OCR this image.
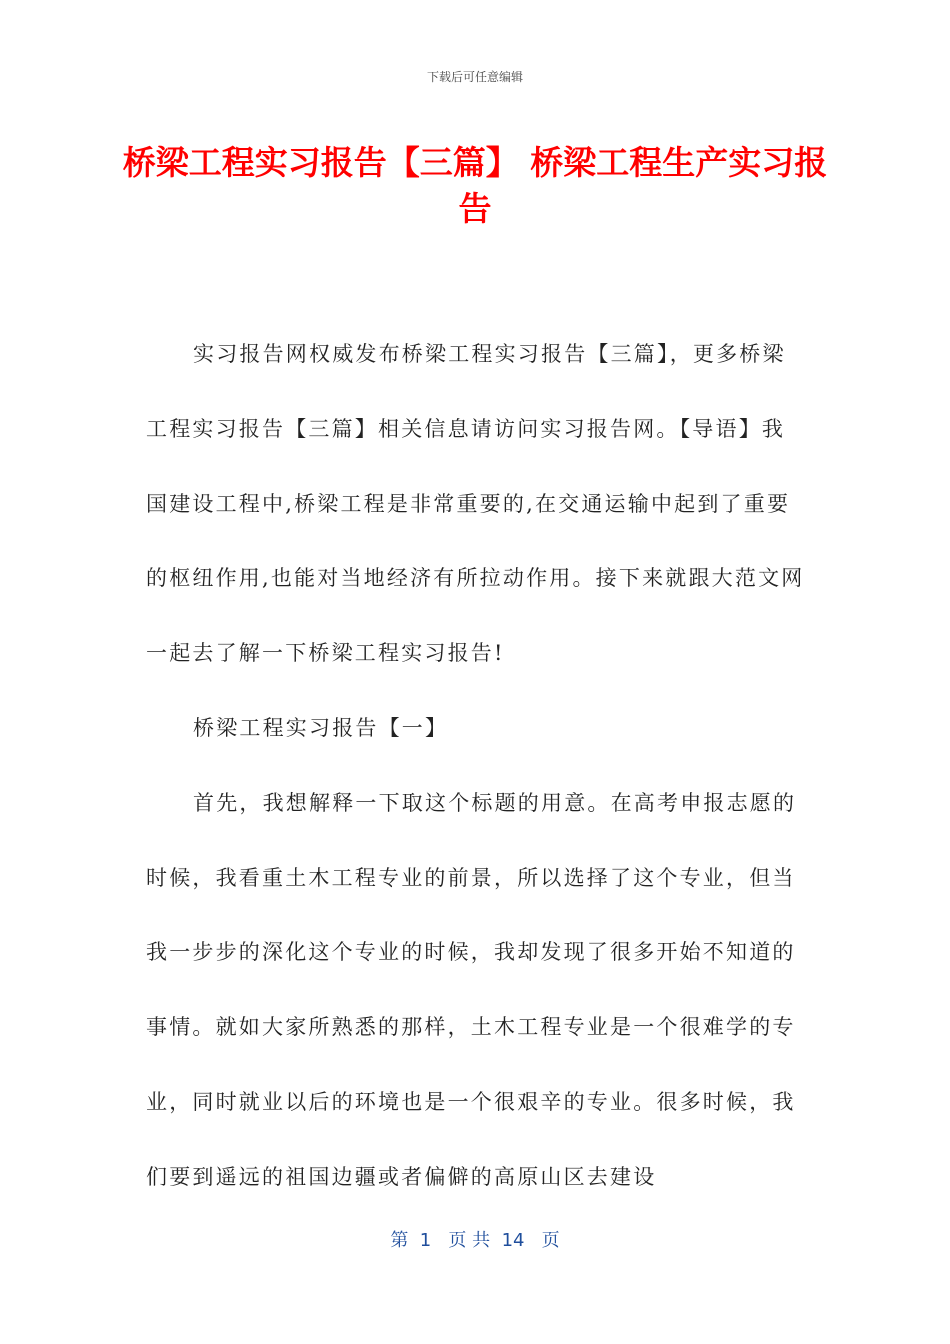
下载后可任意编辑
桥梁工程实习报告【三篇】 桥梁工程生产实习报告

实习报告网权威发布桥梁工程实习报告【三篇】，更多桥梁工程实习报告【三篇】相关信息请访问实习报告网。【导语】我国建设工程中,桥梁工程是非常重要的,在交通运输中起到了重要的枢纽作用,也能对当地经济有所拉动作用。接下来就跟大范文网一起去了解一下桥梁工程实习报告!

桥梁工程实习报告【一】

首先，我想解释一下取这个标题的用意。在高考申报志愿的时候，我看重土木工程专业的前景，所以选择了这个专业，但当我一步步的深化这个专业的时候，我却发现了很多开始不知道的事情。就如大家所熟悉的那样，土木工程专业是一个很难学的专业，同时就业以后的环境也是一个很艰辛的专业。很多时候，我们要到遥远的祖国边疆或者偏僻的高原山区去建设

第  1   页 共  14   页
